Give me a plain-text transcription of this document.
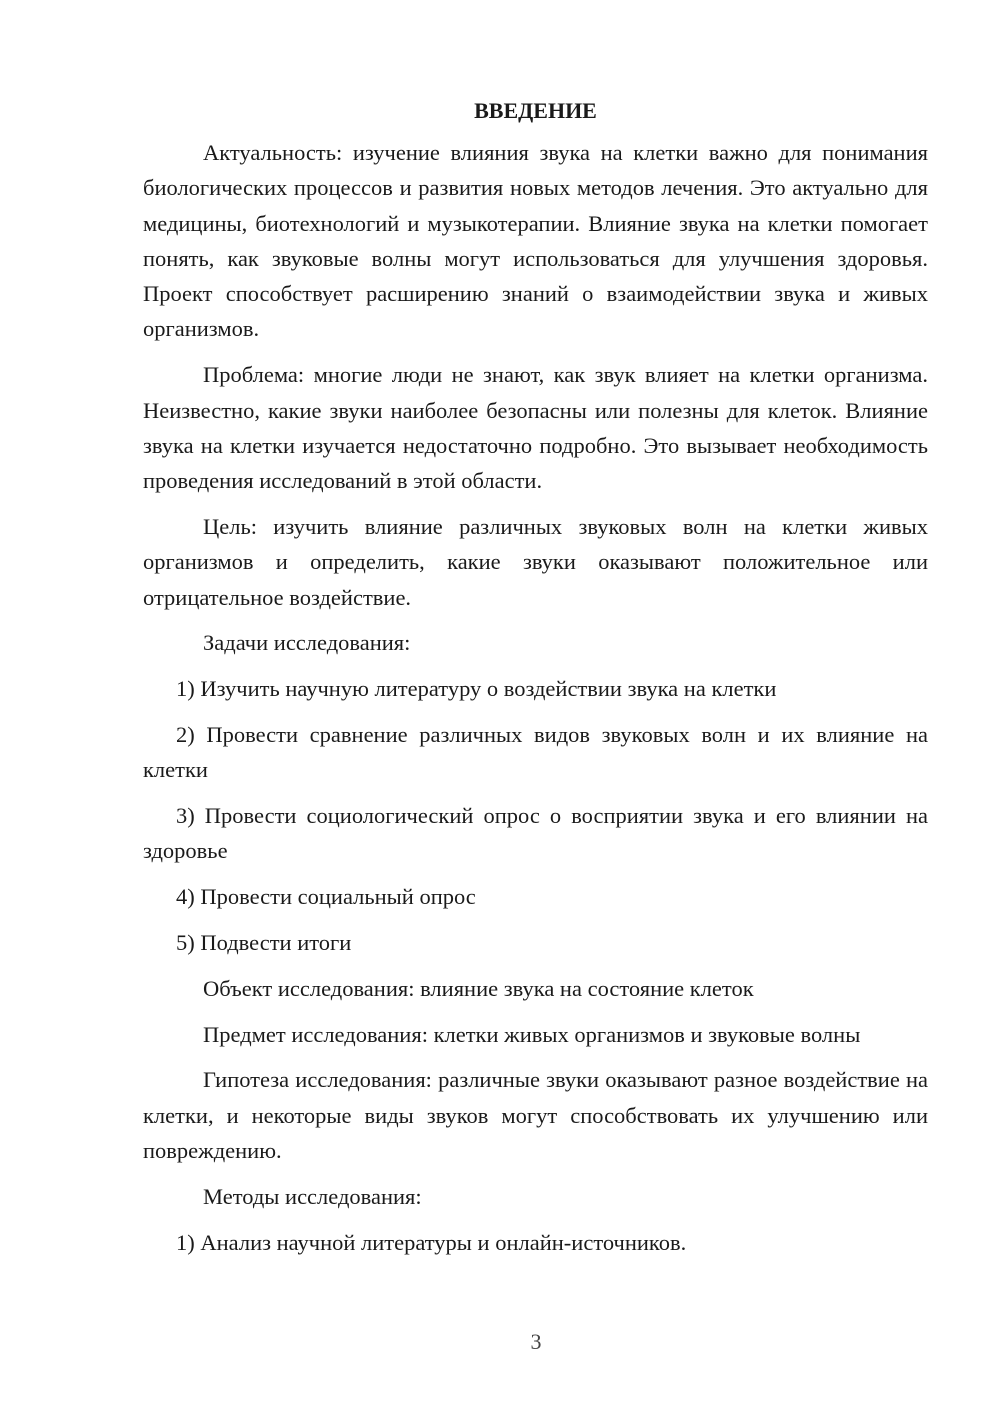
ВВЕДЕНИЕ

Актуальность: изучение влияния звука на клетки важно для понимания биологических процессов и развития новых методов лечения. Это актуально для медицины, биотехнологий и музыкотерапии. Влияние звука на клетки помогает понять, как звуковые волны могут использоваться для улучшения здоровья. Проект способствует расширению знаний о взаимодействии звука и живых организмов.

Проблема: многие люди не знают, как звук влияет на клетки организма. Неизвестно, какие звуки наиболее безопасны или полезны для клеток. Влияние звука на клетки изучается недостаточно подробно. Это вызывает необходимость проведения исследований в этой области.

Цель: изучить влияние различных звуковых волн на клетки живых организмов и определить, какие звуки оказывают положительное или отрицательное воздействие.

Задачи исследования:

1) Изучить научную литературу о воздействии звука на клетки

2) Провести сравнение различных видов звуковых волн и их влияние на клетки

3) Провести социологический опрос о восприятии звука и его влиянии на здоровье

4) Провести социальный опрос

5) Подвести итоги

Объект исследования: влияние звука на состояние клеток

Предмет исследования: клетки живых организмов и звуковые волны

Гипотеза исследования: различные звуки оказывают разное воздействие на клетки, и некоторые виды звуков могут способствовать их улучшению или повреждению.

Методы исследования:

1) Анализ научной литературы и онлайн-источников.

3
